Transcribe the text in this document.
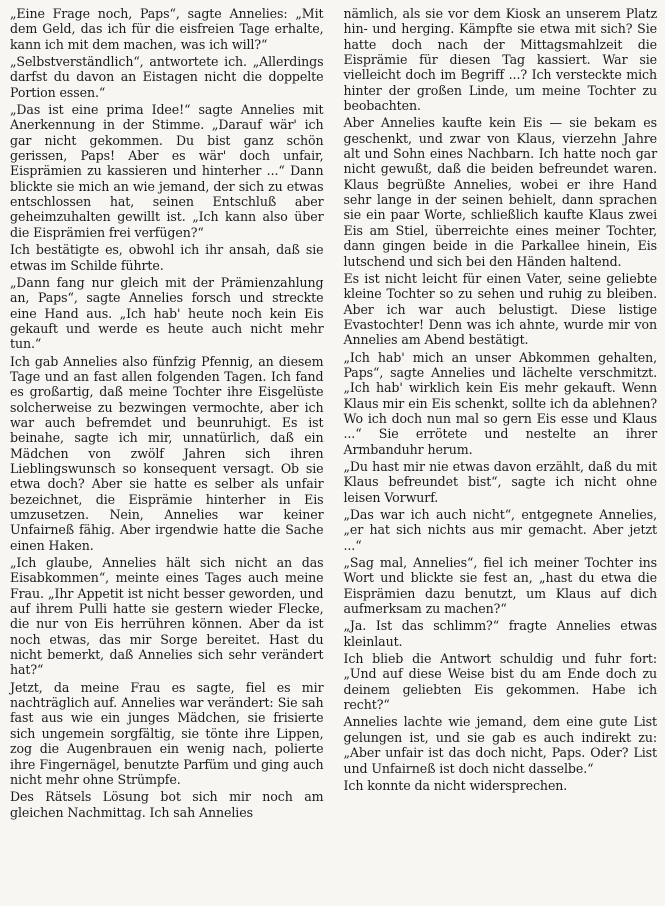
„Eine Frage noch, Paps“, sagte Annelies: „Mit dem Geld, das ich für die eisfreien Tage erhalte, kann ich mit dem machen, was ich will?“

„Selbstverständlich“, antwortete ich. „Allerdings darfst du davon an Eistagen nicht die doppelte Portion essen.“

„Das ist eine prima Idee!“ sagte Annelies mit Anerkennung in der Stimme. „Darauf wär' ich gar nicht gekommen. Du bist ganz schön gerissen, Paps! Aber es wär' doch unfair, Eisprämien zu kassieren und hinterher ...“ Dann blickte sie mich an wie jemand, der sich zu etwas entschlossen hat, seinen Entschluß aber geheimzuhalten gewillt ist. „Ich kann also über die Eisprämien frei verfügen?“

Ich bestätigte es, obwohl ich ihr ansah, daß sie etwas im Schilde führte.

„Dann fang nur gleich mit der Prämienzahlung an, Paps“, sagte Annelies forsch und streckte eine Hand aus. „Ich hab' heute noch kein Eis gekauft und werde es heute auch nicht mehr tun.“

Ich gab Annelies also fünfzig Pfennig, an diesem Tage und an fast allen folgenden Tagen. Ich fand es großartig, daß meine Tochter ihre Eisgelüste solcherweise zu bezwingen vermochte, aber ich war auch befremdet und beunruhigt. Es ist beinahe, sagte ich mir, unnatürlich, daß ein Mädchen von zwölf Jahren sich ihren Lieblingswunsch so konsequent versagt. Ob sie etwa doch? Aber sie hatte es selber als unfair bezeichnet, die Eisprämie hinterher in Eis umzusetzen. Nein, Annelies war keiner Unfairneß fähig. Aber irgendwie hatte die Sache einen Haken.

„Ich glaube, Annelies hält sich nicht an das Eisabkommen“, meinte eines Tages auch meine Frau. „Ihr Appetit ist nicht besser geworden, und auf ihrem Pulli hatte sie gestern wieder Flecke, die nur von Eis herrühren können. Aber da ist noch etwas, das mir Sorge bereitet. Hast du nicht bemerkt, daß Annelies sich sehr verändert hat?“

Jetzt, da meine Frau es sagte, fiel es mir nachträglich auf. Annelies war verändert: Sie sah fast aus wie ein junges Mädchen, sie frisierte sich ungemein sorgfältig, sie tönte ihre Lippen, zog die Augenbrauen ein wenig nach, polierte ihre Fingernägel, benutzte Parfüm und ging auch nicht mehr ohne Strümpfe.

Des Rätsels Lösung bot sich mir noch am gleichen Nachmittag. Ich sah Annelies

nämlich, als sie vor dem Kiosk an unserem Platz hin- und herging. Kämpfte sie etwa mit sich? Sie hatte doch nach der Mittagsmahlzeit die Eisprämie für diesen Tag kassiert. War sie vielleicht doch im Begriff ...? Ich versteckte mich hinter der großen Linde, um meine Tochter zu beobachten.

Aber Annelies kaufte kein Eis — sie bekam es geschenkt, und zwar von Klaus, vierzehn Jahre alt und Sohn eines Nachbarn. Ich hatte noch gar nicht gewußt, daß die beiden befreundet waren. Klaus begrüßte Annelies, wobei er ihre Hand sehr lange in der seinen behielt, dann sprachen sie ein paar Worte, schließlich kaufte Klaus zwei Eis am Stiel, überreichte eines meiner Tochter, dann gingen beide in die Parkallee hinein, Eis lutschend und sich bei den Händen haltend.

Es ist nicht leicht für einen Vater, seine geliebte kleine Tochter so zu sehen und ruhig zu bleiben. Aber ich war auch belustigt. Diese listige Evastochter! Denn was ich ahnte, wurde mir von Annelies am Abend bestätigt.

„Ich hab' mich an unser Abkommen gehalten, Paps“, sagte Annelies und lächelte verschmitzt. „Ich hab' wirklich kein Eis mehr gekauft. Wenn Klaus mir ein Eis schenkt, sollte ich da ablehnen? Wo ich doch nun mal so gern Eis esse und Klaus ...“ Sie errötete und nestelte an ihrer Armbanduhr herum.

„Du hast mir nie etwas davon erzählt, daß du mit Klaus befreundet bist“, sagte ich nicht ohne leisen Vorwurf.

„Das war ich auch nicht“, entgegnete Annelies, „er hat sich nichts aus mir gemacht. Aber jetzt ...“

„Sag mal, Annelies“, fiel ich meiner Tochter ins Wort und blickte sie fest an, „hast du etwa die Eisprämien dazu benutzt, um Klaus auf dich aufmerksam zu machen?“

„Ja. Ist das schlimm?“ fragte Annelies etwas kleinlaut.

Ich blieb die Antwort schuldig und fuhr fort: „Und auf diese Weise bist du am Ende doch zu deinem geliebten Eis gekommen. Habe ich recht?“

Annelies lachte wie jemand, dem eine gute List gelungen ist, und sie gab es auch indirekt zu: „Aber unfair ist das doch nicht, Paps. Oder? List und Unfairneß ist doch nicht dasselbe.“

Ich konnte da nicht widersprechen.
